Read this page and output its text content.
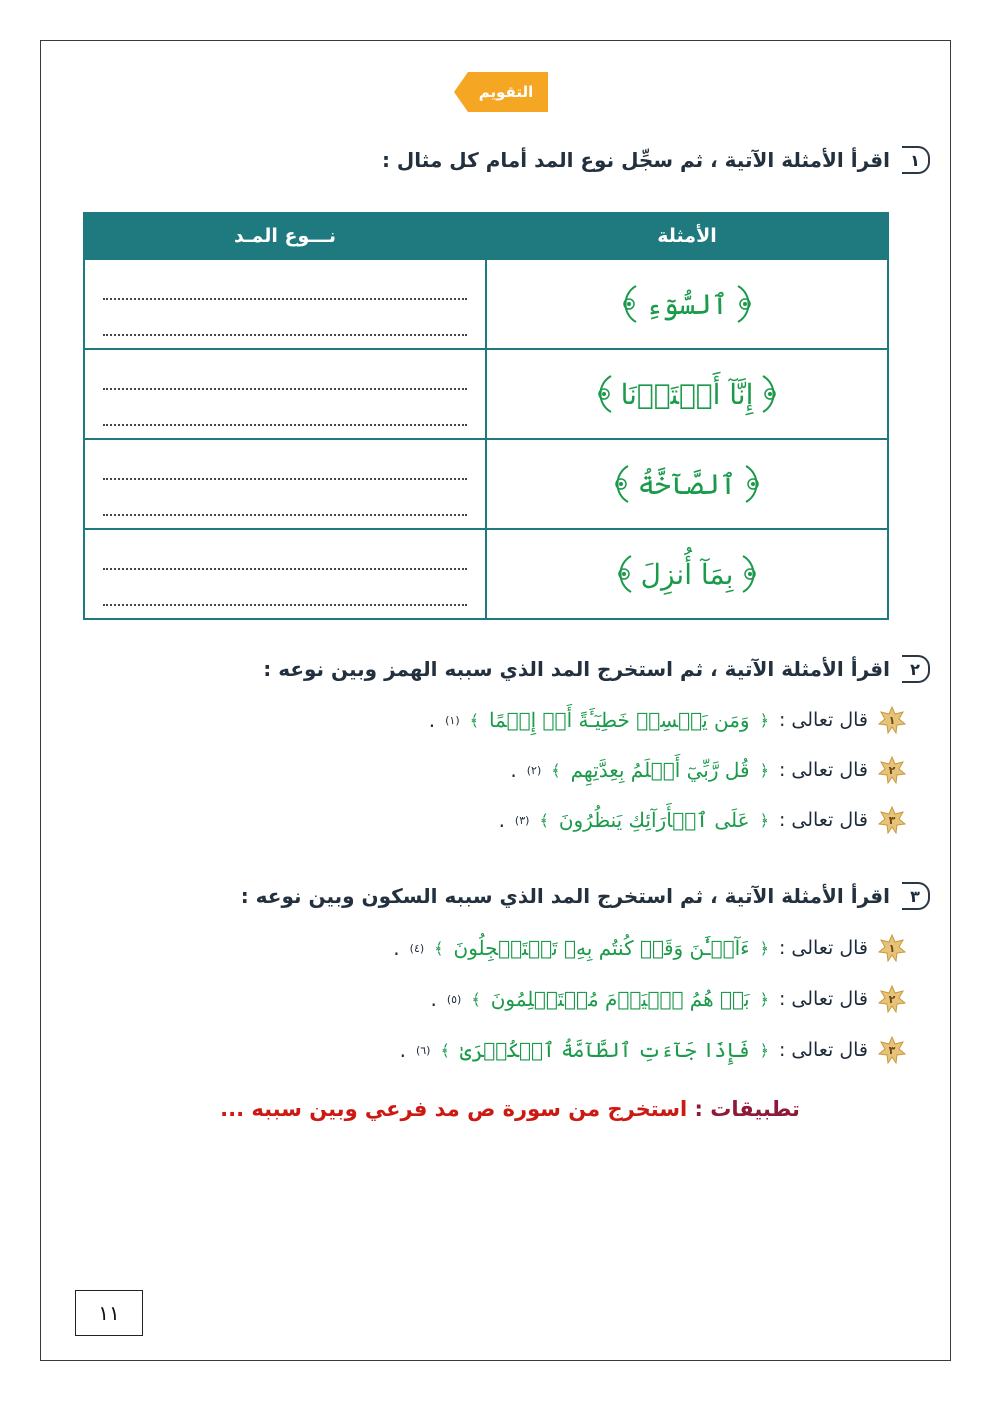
التقويم
١
اقرأ الأمثلة الآتية ، ثم سجِّل نوع المد أمام كل مثال :
الأمثلة	نـــوع المـد

ٱلسُّوٓءِ	

إِنَّآ أَعۡتَدۡنَا	

ٱلصَّآخَّةُ	

بِمَآ أُنزِلَ	

٢
اقرأ الأمثلة الآتية ، ثم استخرج المد الذي سببه الهمز وبين نوعه :
١
قال تعالى :
﴿
وَمَن يَكۡسِبۡ خَطِيٓـَٔةً أَوۡ إِثۡمًا
﴾
(١)
.
٢
قال تعالى :
﴿
قُل رَّبِّيٓ أَعۡلَمُ بِعِدَّتِهِم
﴾
(٢)
.
٣
قال تعالى :
﴿
عَلَى ٱلۡأَرَآئِكِ يَنظُرُونَ
﴾
(٣)
.
٣
اقرأ الأمثلة الآتية ، ثم استخرج المد الذي سببه السكون وبين نوعه :
١
قال تعالى :
﴿
ءَآلۡـَٰٔنَ وَقَدۡ كُنتُم بِهِۦ تَسۡتَعۡجِلُونَ
﴾
(٤)
.
٢
قال تعالى :
﴿
بَلۡ هُمُ ٱلۡيَوۡمَ مُسۡتَسۡلِمُونَ
﴾
(٥)
.
٣
قال تعالى :
﴿
فَإِذَا جَآءَتِ ٱلطَّآمَّةُ ٱلۡكُبۡرَىٰ
﴾
(٦)
.
تطبيقات : استخرج من سورة ص مد فرعي وبين سببه ...
١١
